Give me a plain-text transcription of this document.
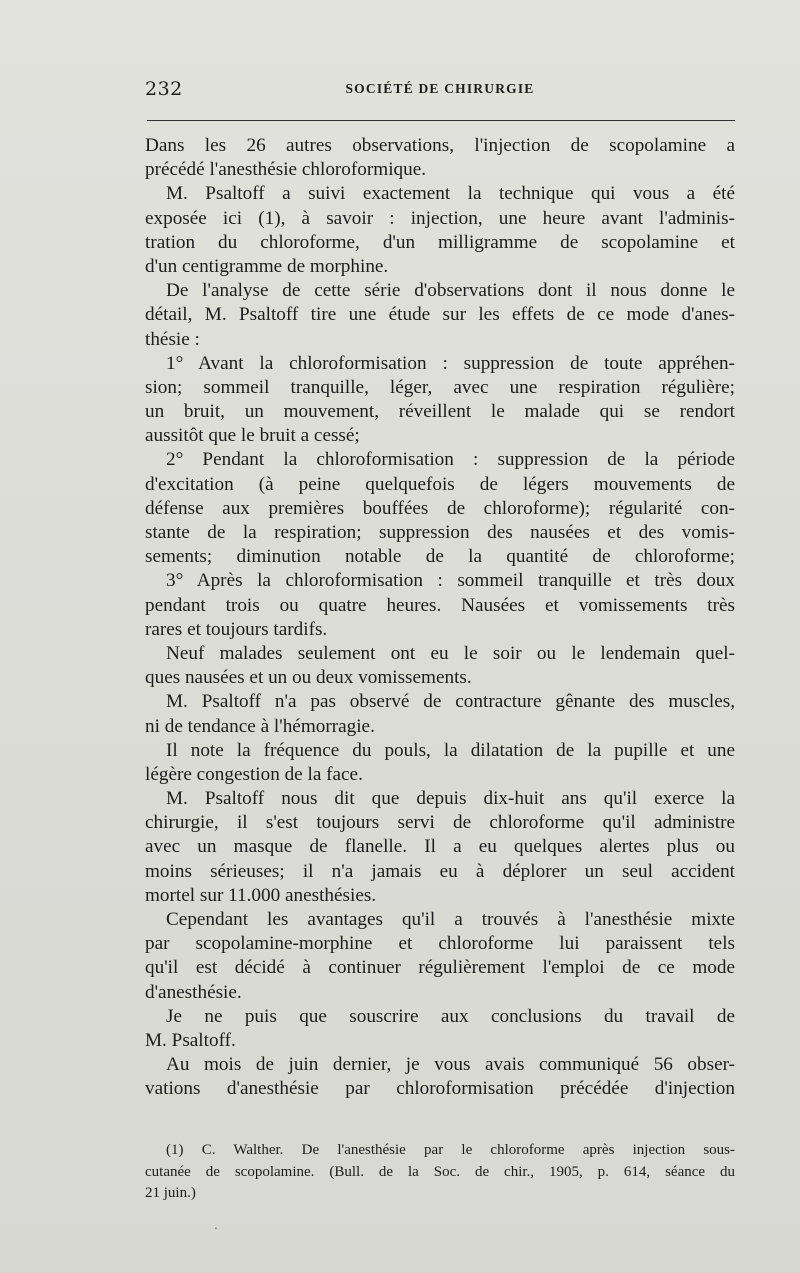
232	SOCIÉTÉ DE CHIRURGIE
Dans les 26 autres observations, l'injection de scopolamine a
précédé l'anesthésie chloroformique.
M. Psaltoff a suivi exactement la technique qui vous a été
exposée ici (1), à savoir : injection, une heure avant l'adminis-
tration du chloroforme, d'un milligramme de scopolamine et
d'un centigramme de morphine.
De l'analyse de cette série d'observations dont il nous donne le
détail, M. Psaltoff tire une étude sur les effets de ce mode d'anes-
thésie :
1° Avant la chloroformisation : suppression de toute appréhen-
sion; sommeil tranquille, léger, avec une respiration régulière;
un bruit, un mouvement, réveillent le malade qui se rendort
aussitôt que le bruit a cessé;
2° Pendant la chloroformisation : suppression de la période
d'excitation (à peine quelquefois de légers mouvements de
défense aux premières bouffées de chloroforme); régularité con-
stante de la respiration; suppression des nausées et des vomis-
sements; diminution notable de la quantité de chloroforme;
3° Après la chloroformisation : sommeil tranquille et très doux
pendant trois ou quatre heures. Nausées et vomissements très
rares et toujours tardifs.
Neuf malades seulement ont eu le soir ou le lendemain quel-
ques nausées et un ou deux vomissements.
M. Psaltoff n'a pas observé de contracture gênante des muscles,
ni de tendance à l'hémorragie.
Il note la fréquence du pouls, la dilatation de la pupille et une
légère congestion de la face.
M. Psaltoff nous dit que depuis dix-huit ans qu'il exerce la
chirurgie, il s'est toujours servi de chloroforme qu'il administre
avec un masque de flanelle. Il a eu quelques alertes plus ou
moins sérieuses; il n'a jamais eu à déplorer un seul accident
mortel sur 11.000 anesthésies.
Cependant les avantages qu'il a trouvés à l'anesthésie mixte
par scopolamine-morphine et chloroforme lui paraissent tels
qu'il est décidé à continuer régulièrement l'emploi de ce mode
d'anesthésie.
Je ne puis que souscrire aux conclusions du travail de
M. Psaltoff.
Au mois de juin dernier, je vous avais communiqué 56 obser-
vations d'anesthésie par chloroformisation précédée d'injection
(1) C. Walther. De l'anesthésie par le chloroforme après injection sous-
cutanée de scopolamine. (Bull. de la Soc. de chir., 1905, p. 614, séance du
21 juin.)
.
